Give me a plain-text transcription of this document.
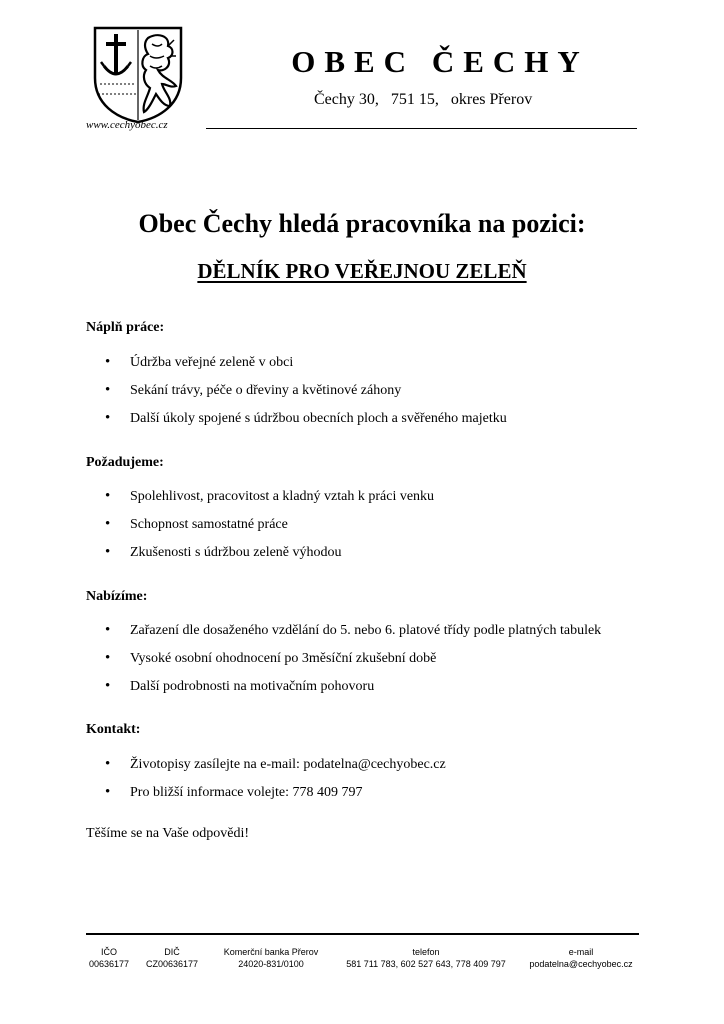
www.cechyobec.cz
OBEC ČECHY
Čechy 30,   751 15,   okres Přerov
Obec Čechy hledá pracovníka na pozici:
DĚLNÍK PRO VEŘEJNOU ZELEŇ
Náplň práce:
• Údržba veřejné zeleně v obci
• Sekání trávy, péče o dřeviny a květinové záhony
• Další úkoly spojené s údržbou obecních ploch a svěřeného majetku
Požadujeme:
• Spolehlivost, pracovitost a kladný vztah k práci venku
• Schopnost samostatné práce
• Zkušenosti s údržbou zeleně výhodou
Nabízíme:
• Zařazení dle dosaženého vzdělání do 5. nebo 6. platové třídy podle platných tabulek
• Vysoké osobní ohodnocení po 3měsíční zkušební době
• Další podrobnosti na motivačním pohovoru
Kontakt:
• Životopisy zasílejte na e-mail: podatelna@cechyobec.cz
• Pro bližší informace volejte: 778 409 797
Těšíme se na Vaše odpovědi!
IČO
00636177
DIČ
CZ00636177
Komerční banka Přerov
24020-831/0100
telefon
581 711 783, 602 527 643, 778 409 797
e-mail
podatelna@cechyobec.cz
